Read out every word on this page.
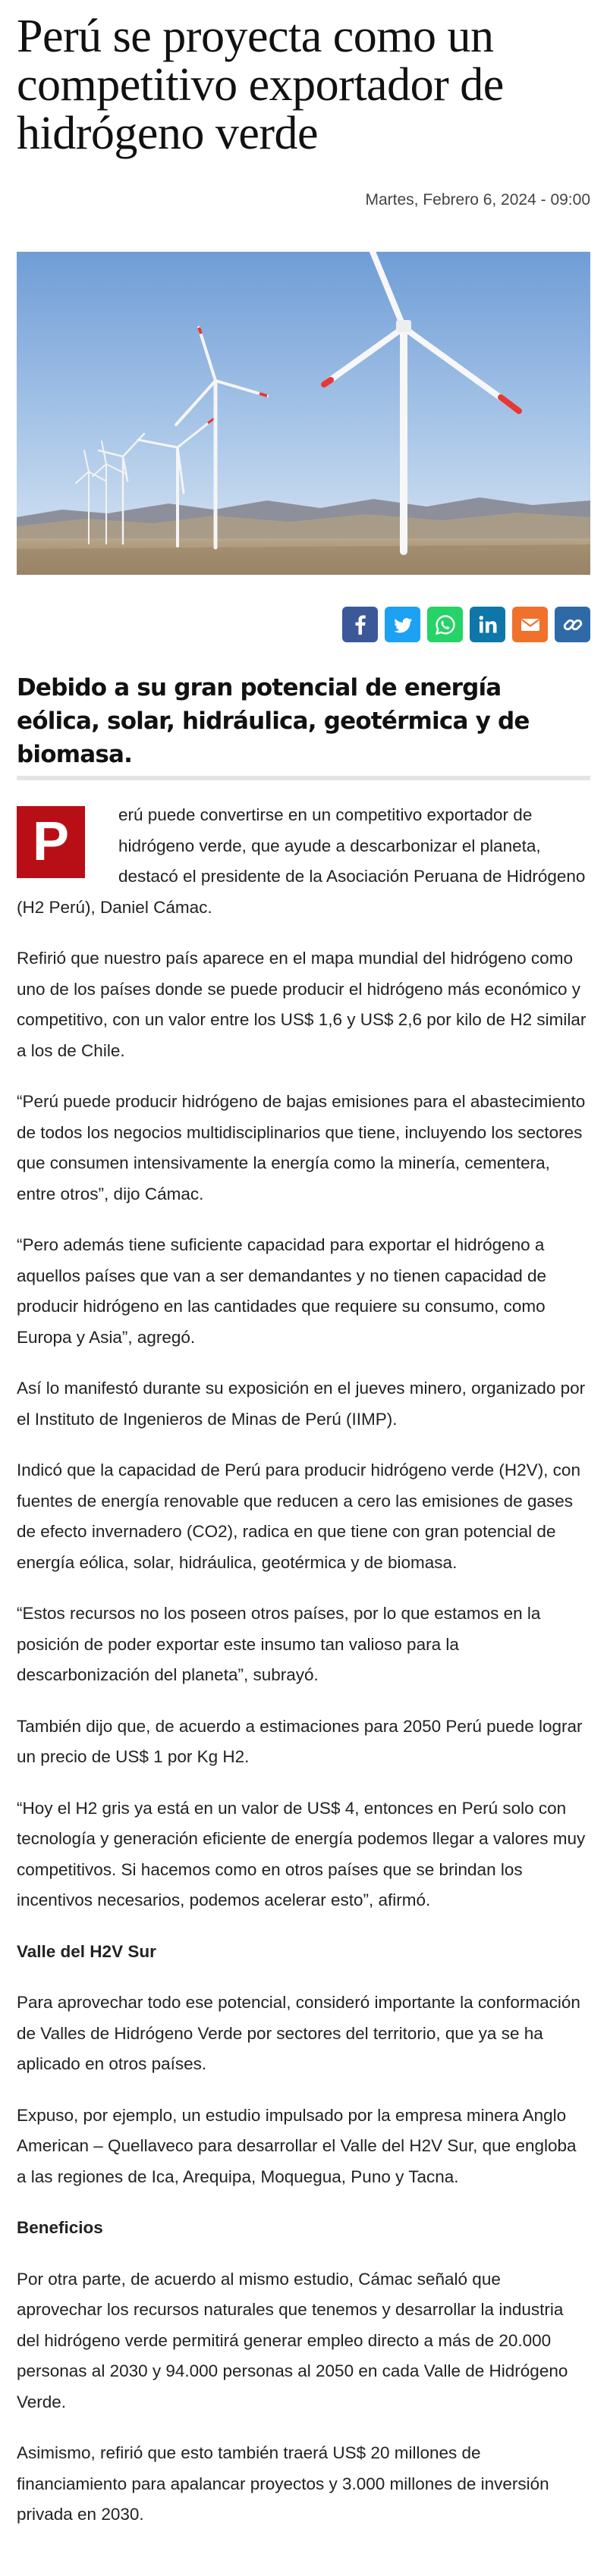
Perú se proyecta como un competitivo exportador de hidrógeno verde
Martes, Febrero 6, 2024 - 09:00
Debido a su gran potencial de energía eólica, solar, hidráulica, geotérmica y de biomasa.

P	erú puede convertirse en un competitivo exportador de hidrógeno verde, que ayude a descarbonizar el planeta, destacó el presidente de la Asociación Peruana de Hidrógeno (H2 Perú), Daniel Cámac.

Refirió que nuestro país aparece en el mapa mundial del hidrógeno como uno de los países donde se puede producir el hidrógeno más económico y competitivo, con un valor entre los US$ 1,6 y US$ 2,6 por kilo de H2 similar a los de Chile.

“Perú puede producir hidrógeno de bajas emisiones para el abastecimiento de todos los negocios multidisciplinarios que tiene, incluyendo los sectores que consumen intensivamente la energía como la minería, cementera, entre otros”, dijo Cámac.

“Pero además tiene suficiente capacidad para exportar el hidrógeno a aquellos países que van a ser demandantes y no tienen capacidad de producir hidrógeno en las cantidades que requiere su consumo, como Europa y Asia”, agregó.

Así lo manifestó durante su exposición en el jueves minero, organizado por el Instituto de Ingenieros de Minas de Perú (IIMP).

Indicó que la capacidad de Perú para producir hidrógeno verde (H2V), con fuentes de energía renovable que reducen a cero las emisiones de gases de efecto invernadero (CO2), radica en que tiene con gran potencial de energía eólica, solar, hidráulica, geotérmica y de biomasa.

“Estos recursos no los poseen otros países, por lo que estamos en la posición de poder exportar este insumo tan valioso para la descarbonización del planeta”, subrayó.

También dijo que, de acuerdo a estimaciones para 2050 Perú puede lograr un precio de US$ 1 por Kg H2.

“Hoy el H2 gris ya está en un valor de US$ 4, entonces en Perú solo con tecnología y generación eficiente de energía podemos llegar a valores muy competitivos. Si hacemos como en otros países que se brindan los incentivos necesarios, podemos acelerar esto”, afirmó.

Valle del H2V Sur

Para aprovechar todo ese potencial, consideró importante la conformación de Valles de Hidrógeno Verde por sectores del territorio, que ya se ha aplicado en otros países.

Expuso, por ejemplo, un estudio impulsado por la empresa minera Anglo American – Quellaveco para desarrollar el Valle del H2V Sur, que engloba a las regiones de Ica, Arequipa, Moquegua, Puno y Tacna.

Beneficios

Por otra parte, de acuerdo al mismo estudio, Cámac señaló que aprovechar los recursos naturales que tenemos y desarrollar la industria del hidrógeno verde permitirá generar empleo directo a más de 20.000 personas al 2030 y 94.000 personas al 2050 en cada Valle de Hidrógeno Verde.

Asimismo, refirió que esto también traerá US$ 20 millones de financiamiento para apalancar proyectos y 3.000 millones de inversión privada en 2030.
